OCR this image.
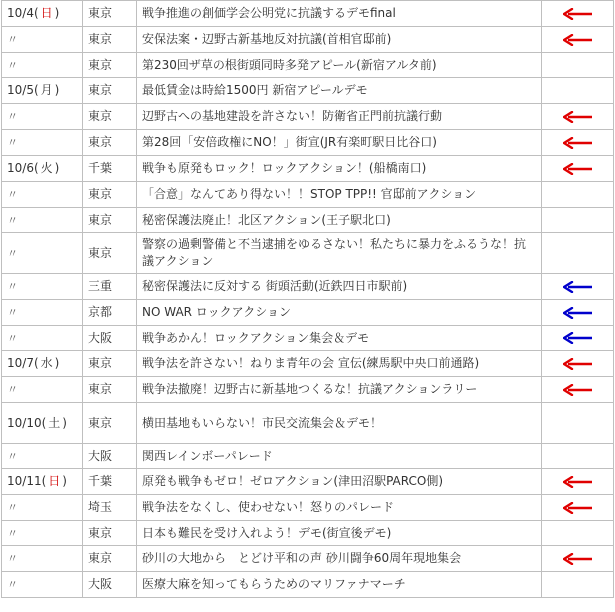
10/4( 日 )	東京	戦争推進の創価学会公明党に抗議するデモfinal	
〃	東京	安保法案・辺野古新基地反対抗議(首相官邸前)	
〃	東京	第230回ザ草の根街頭同時多発アピール(新宿アルタ前)	
10/5( 月 )	東京	最低賃金は時給1500円 新宿アピールデモ	
〃	東京	辺野古への基地建設を許さない！防衛省正門前抗議行動	
〃	東京	第28回「安倍政権にNO！」街宣(JR有楽町駅日比谷口)	
10/6( 火 )	千葉	戦争も原発もロック！ロックアクション！(船橋南口)	
〃	東京	「合意」なんてあり得ない！！STOP TPP!! 官邸前アクション	
〃	東京	秘密保護法廃止！北区アクション(王子駅北口)	
〃	東京	警察の過剰警備と不当逮捕をゆるさない！私たちに暴力をふるうな！抗議アクション	
〃	三重	秘密保護法に反対する 街頭活動(近鉄四日市駅前)	
〃	京都	NO WAR ロックアクション	
〃	大阪	戦争あかん！ロックアクション集会＆デモ	
10/7( 水 )	東京	戦争法を許さない！ねりま青年の会 宣伝(練馬駅中央口前通路)	
〃	東京	戦争法撤廃！辺野古に新基地つくるな！抗議アクションラリー	
10/10( 土 )	東京	横田基地もいらない！市民交流集会＆デモ！	
〃	大阪	関西レインボーパレード	
10/11( 日 )	千葉	原発も戦争もゼロ！ゼロアクション(津田沼駅PARCO側)	
〃	埼玉	戦争法をなくし、使わせない！怒りのパレード	
〃	東京	日本も難民を受け入れよう！デモ(街宣後デモ)	
〃	東京	砂川の大地から　とどけ平和の声 砂川闘争60周年現地集会	
〃	大阪	医療大麻を知ってもらうためのマリファナマーチ	
